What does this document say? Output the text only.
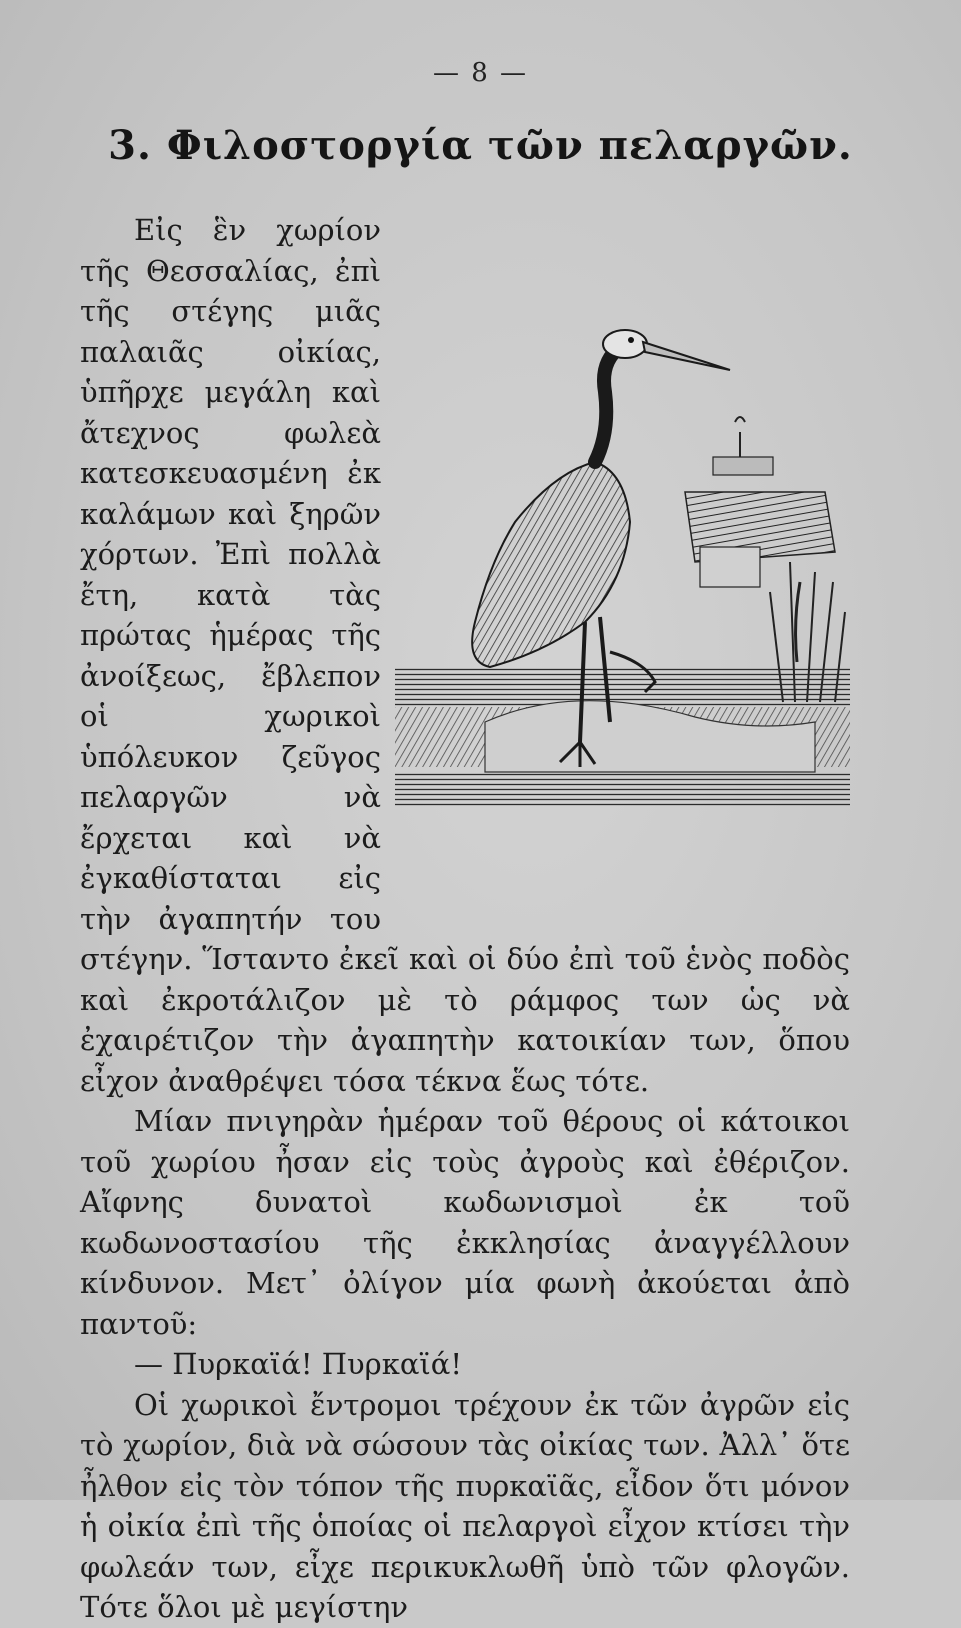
— 8 —
3. Φιλοστοργία τῶν πελαργῶν.

Εἰς ἓν χωρίον τῆς Θεσσαλίας, ἐπὶ τῆς στέγης μιᾶς παλαιᾶς οἰκίας, ὑπῆρχε μεγάλη καὶ ἄτεχνος φωλεὰ κατεσκευασμένη ἐκ καλάμων καὶ ξηρῶν χόρτων. Ἐπὶ πολλὰ ἔτη, κατὰ τὰς πρώτας ἡμέρας τῆς ἀνοίξεως, ἔβλεπον οἱ χωρικοὶ ὑπόλευκον ζεῦγος πελαργῶν νὰ ἔρχεται καὶ νὰ ἐγκαθίσταται εἰς τὴν ἀγαπητήν του στέγην. Ἵσταντο ἐκεῖ καὶ οἱ δύο ἐπὶ τοῦ ἑνὸς ποδὸς καὶ ἐκροτάλιζον μὲ τὸ ράμφος των ὡς νὰ ἐχαιρέτιζον τὴν ἀγαπητὴν κατοικίαν των, ὅπου εἶχον ἀναθρέψει τόσα τέκνα ἕως τότε.

Μίαν πνιγηρὰν ἡμέραν τοῦ θέρους οἱ κάτοικοι τοῦ χωρίου ἦσαν εἰς τοὺς ἀγροὺς καὶ ἐθέριζον. Αἴφνης δυνατοὶ κωδωνισμοὶ ἐκ τοῦ κωδωνοστασίου τῆς ἐκκλησίας ἀναγγέλλουν κίνδυνον. Μετ᾽ ὀλίγον μία φωνὴ ἀκούεται ἀπὸ παντοῦ:

— Πυρκαϊά! Πυρκαϊά!

Οἱ χωρικοὶ ἔντρομοι τρέχουν ἐκ τῶν ἀγρῶν εἰς τὸ χωρίον, διὰ νὰ σώσουν τὰς οἰκίας των. Ἀλλ᾽ ὅτε ἦλθον εἰς τὸν τόπον τῆς πυρκαϊᾶς, εἶδον ὅτι μόνον ἡ οἰκία ἐπὶ τῆς ὁποίας οἱ πελαργοὶ εἶχον κτίσει τὴν φωλεάν των, εἶχε περικυκλωθῆ ὑπὸ τῶν φλογῶν. Τότε ὅλοι μὲ μεγίστην
